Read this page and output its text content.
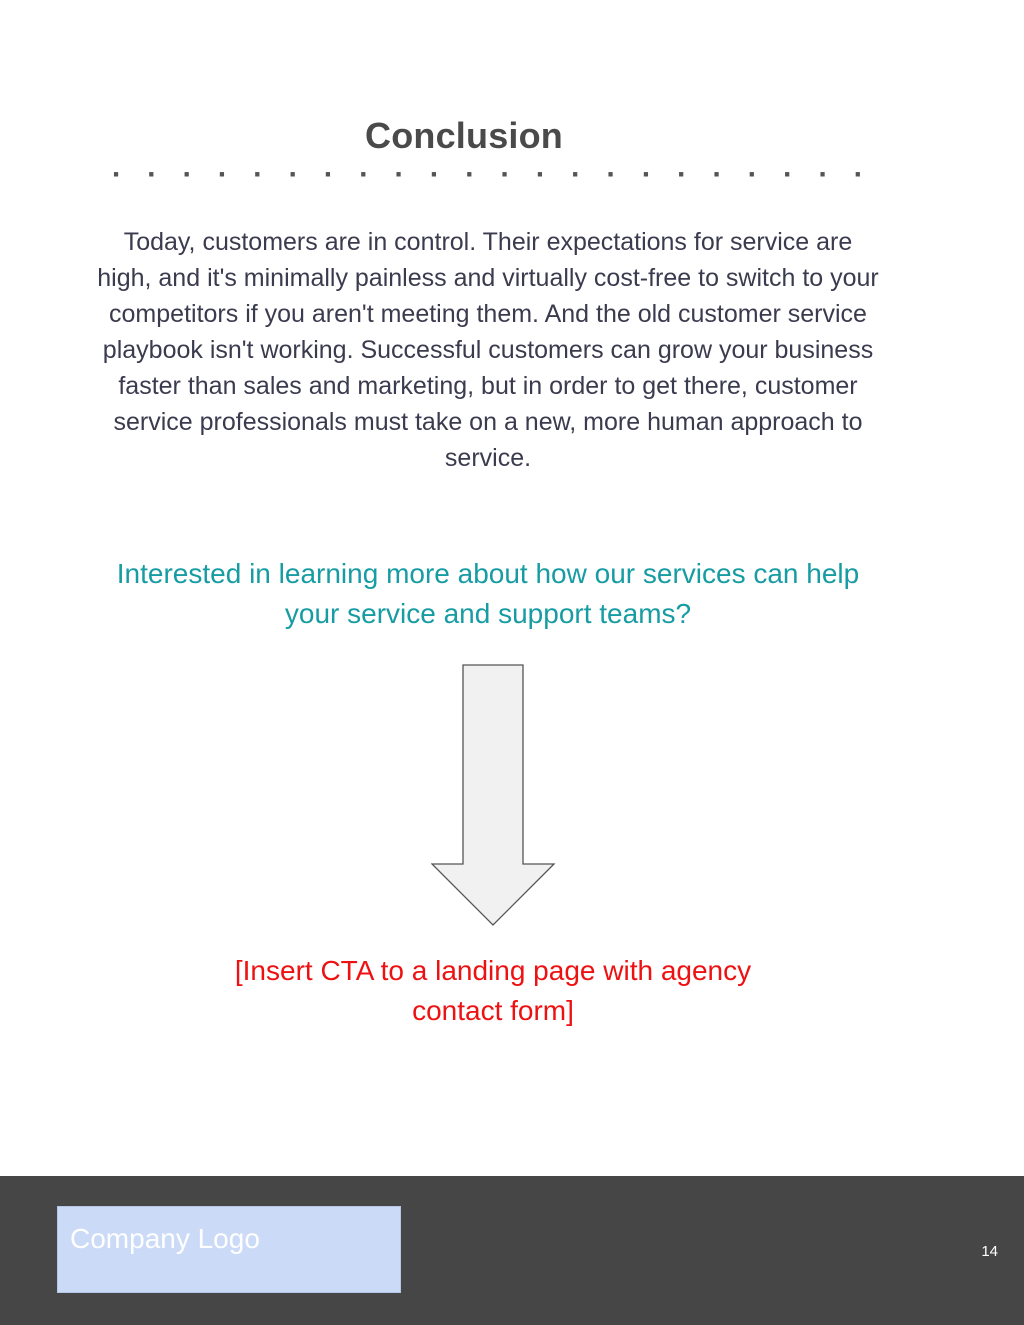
Conclusion
· · · · · · · · · · · · · · · · · · · · · ·
Today, customers are in control. Their expectations for service are high, and it's minimally painless and virtually cost-free to switch to your competitors if you aren't meeting them. And the old customer service playbook isn't working. Successful customers can grow your business faster than sales and marketing, but in order to get there, customer service professionals must take on a new, more human approach to service.
Interested in learning more about how our services can help your service and support teams?
[Insert CTA to a landing page with agency contact form]
Company Logo	14
